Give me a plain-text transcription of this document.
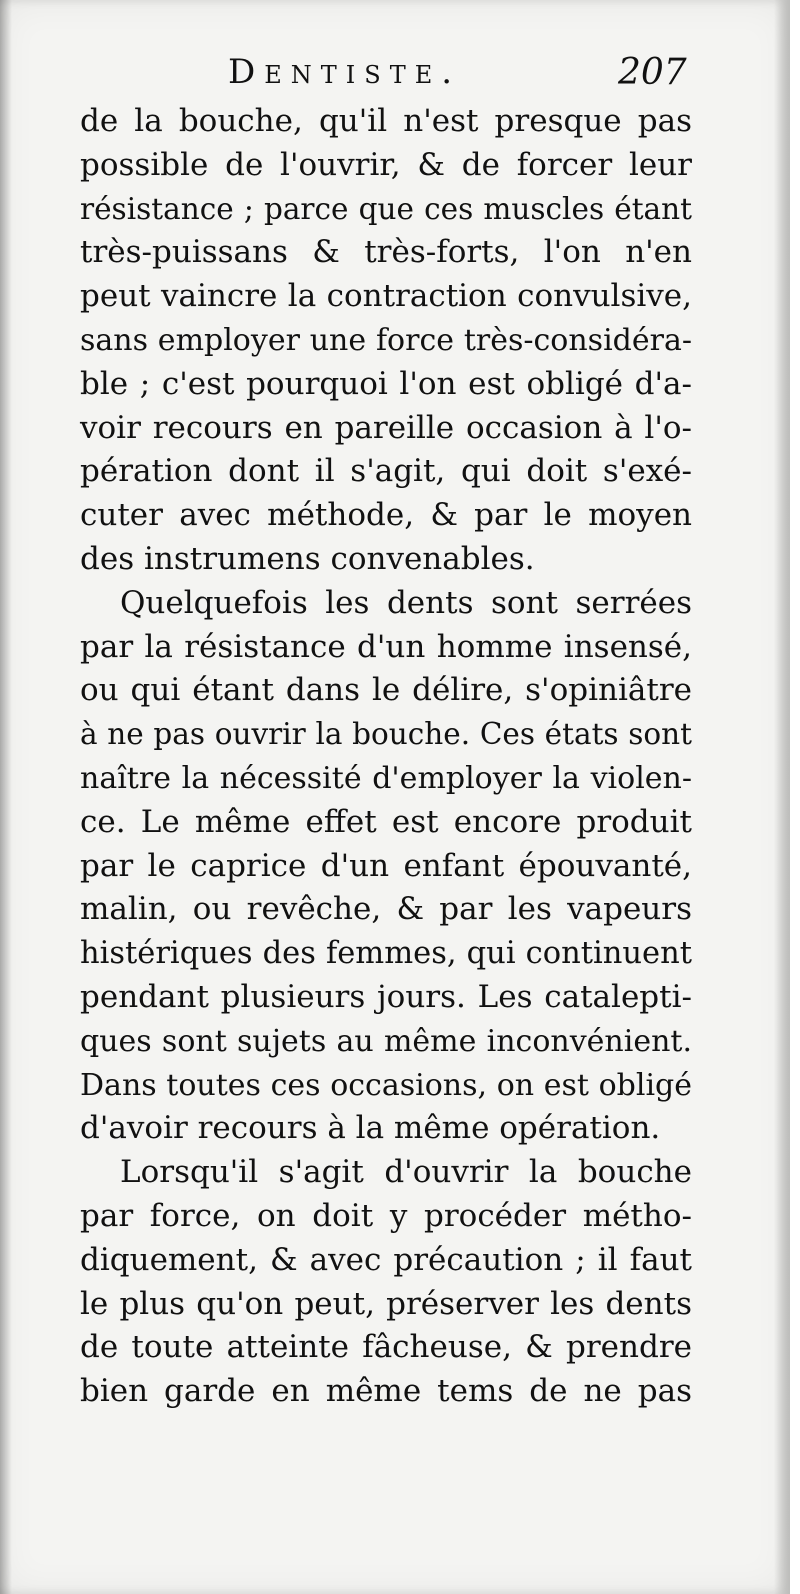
Dentiste.	207
de la bouche, qu'il n'est presque pas
possible de l'ouvrir, & de forcer leur
résistance ; parce que ces muscles étant
très-puissans & très-forts, l'on n'en
peut vaincre la contraction convulsive,
sans employer une force très-considéra-
ble ; c'est pourquoi l'on est obligé d'a-
voir recours en pareille occasion à l'o-
pération dont il s'agit, qui doit s'exé-
cuter avec méthode, & par le moyen
des instrumens convenables.
Quelquefois les dents sont serrées
par la résistance d'un homme insensé,
ou qui étant dans le délire, s'opiniâtre
à ne pas ouvrir la bouche. Ces états sont
naître la nécessité d'employer la violen-
ce. Le même effet est encore produit
par le caprice d'un enfant épouvanté,
malin, ou revêche, & par les vapeurs
histériques des femmes, qui continuent
pendant plusieurs jours. Les catalepti-
ques sont sujets au même inconvénient.
Dans toutes ces occasions, on est obligé
d'avoir recours à la même opération.
Lorsqu'il s'agit d'ouvrir la bouche
par force, on doit y procéder métho-
diquement, & avec précaution ; il faut
le plus qu'on peut, préserver les dents
de toute atteinte fâcheuse, & prendre
bien garde en même tems de ne pas
